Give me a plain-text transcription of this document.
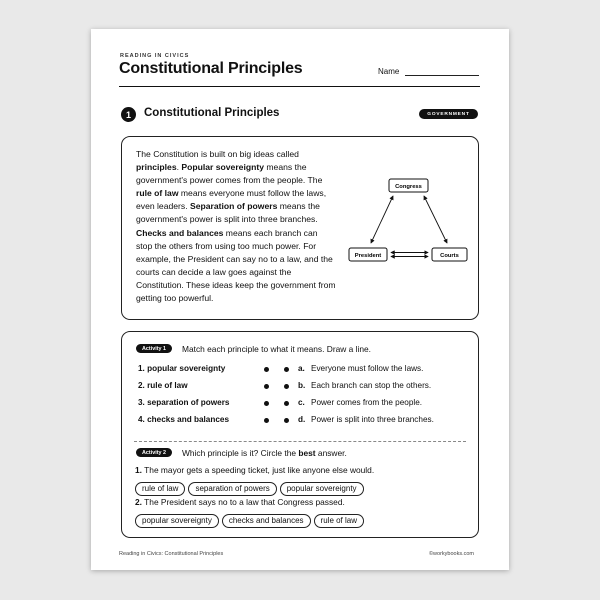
READING IN CIVICS
Constitutional Principles	Name
1	Constitutional Principles	GOVERNMENT
The Constitution is built on big ideas called principles. Popular sovereignty means the government's power comes from the people. The rule of law means everyone must follow the laws, even leaders. Separation of powers means the government's power is split into three branches. Checks and balances means each branch can stop the others from using too much power. For example, the President can say no to a law, and the courts can decide a law goes against the Constitution. These ideas keep the government from getting too powerful.
Congress
President	Courts
Activity 1	Match each principle to what it means. Draw a line.
1. popular sovereignty	a. Everyone must follow the laws.
2. rule of law	b. Each branch can stop the others.
3. separation of powers	c. Power comes from the people.
4. checks and balances	d. Power is split into three branches.
Activity 2	Which principle is it? Circle the best answer.
1. The mayor gets a speeding ticket, just like anyone else would.
rule of law separation of powers popular sovereignty
2. The President says no to a law that Congress passed.
popular sovereignty checks and balances rule of law
Reading in Civics: Constitutional Principles	©workybooks.com
